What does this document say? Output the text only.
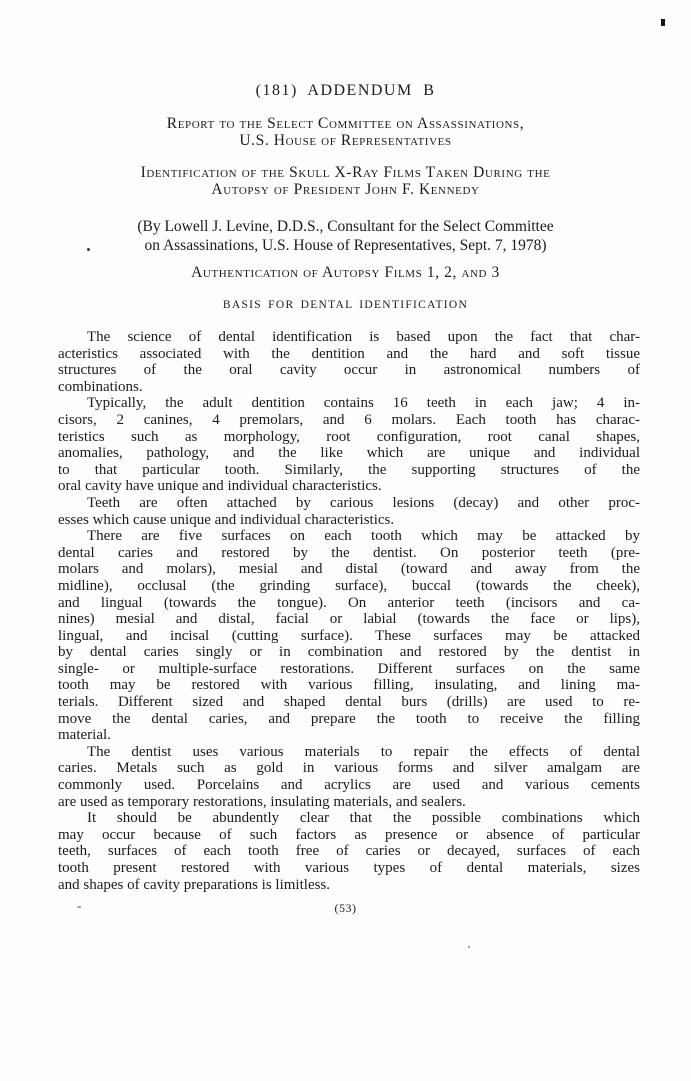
(181) ADDENDUM B
Report to the Select Committee on Assassinations,
U.S. House of Representatives
Identification of the Skull X-Ray Films Taken During the
Autopsy of President John F. Kennedy
(By Lowell J. Levine, D.D.S., Consultant for the Select Committee
on Assassinations, U.S. House of Representatives, Sept. 7, 1978)
Authentication of Autopsy Films 1, 2, and 3
BASIS FOR DENTAL IDENTIFICATION
The science of dental identification is based upon the fact that char-
acteristics associated with the dentition and the hard and soft tissue
structures of the oral cavity occur in astronomical numbers of
combinations.
Typically, the adult dentition contains 16 teeth in each jaw; 4 in-
cisors, 2 canines, 4 premolars, and 6 molars. Each tooth has charac-
teristics such as morphology, root configuration, root canal shapes,
anomalies, pathology, and the like which are unique and individual
to that particular tooth. Similarly, the supporting structures of the
oral cavity have unique and individual characteristics.
Teeth are often attached by carious lesions (decay) and other proc-
esses which cause unique and individual characteristics.
There are five surfaces on each tooth which may be attacked by
dental caries and restored by the dentist. On posterior teeth (pre-
molars and molars), mesial and distal (toward and away from the
midline), occlusal (the grinding surface), buccal (towards the cheek),
and lingual (towards the tongue). On anterior teeth (incisors and ca-
nines) mesial and distal, facial or labial (towards the face or lips),
lingual, and incisal (cutting surface). These surfaces may be attacked
by dental caries singly or in combination and restored by the dentist in
single- or multiple-surface restorations. Different surfaces on the same
tooth may be restored with various filling, insulating, and lining ma-
terials. Different sized and shaped dental burs (drills) are used to re-
move the dental caries, and prepare the tooth to receive the filling
material.
The dentist uses various materials to repair the effects of dental
caries. Metals such as gold in various forms and silver amalgam are
commonly used. Porcelains and acrylics are used and various cements
are used as temporary restorations, insulating materials, and sealers.
It should be abundently clear that the possible combinations which
may occur because of such factors as presence or absence of particular
teeth, surfaces of each tooth free of caries or decayed, surfaces of each
tooth present restored with various types of dental materials, sizes
and shapes of cavity preparations is limitless.
(53)
-
